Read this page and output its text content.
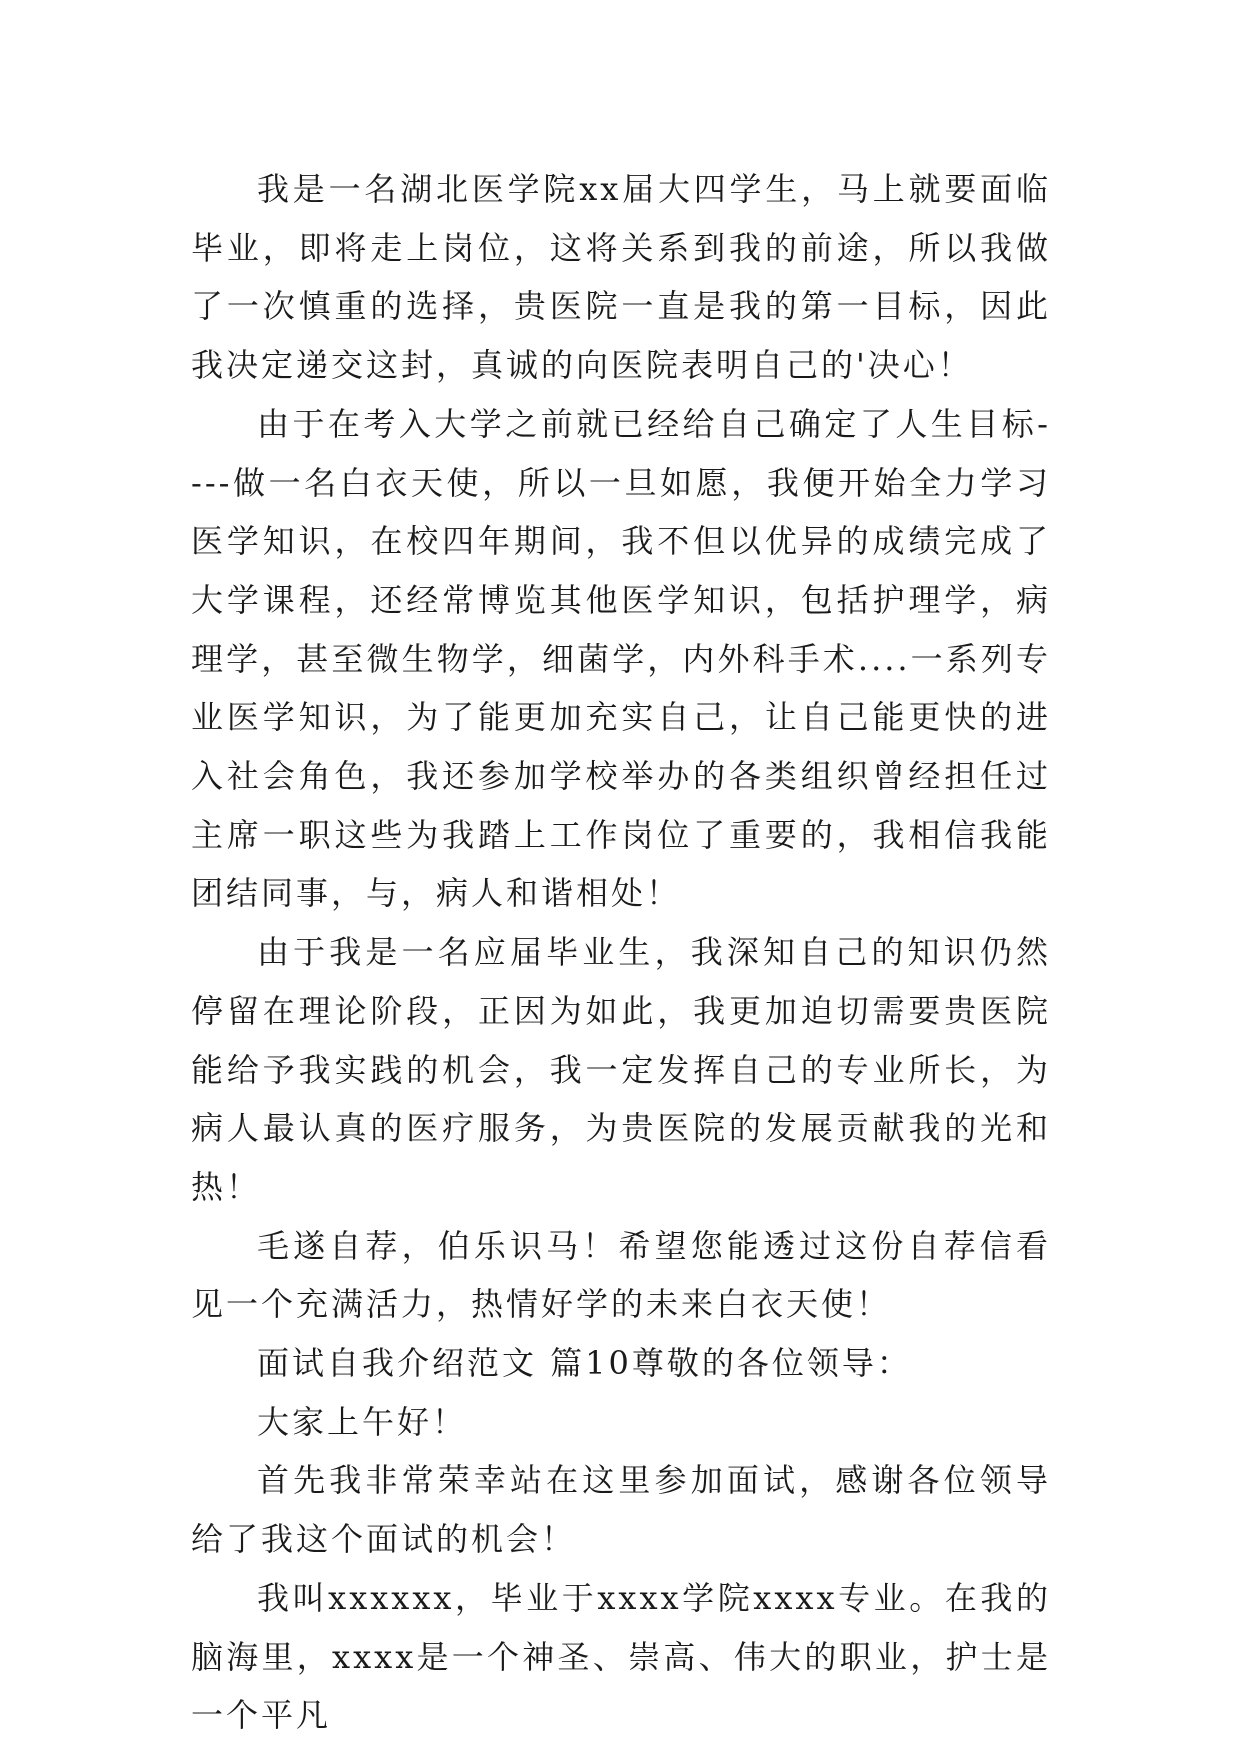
我是一名湖北医学院xx届大四学生，马上就要面临毕业，即将走上岗位，这将关系到我的前途，所以我做了一次慎重的选择，贵医院一直是我的第一目标，因此我决定递交这封，真诚的向医院表明自己的'决心！

由于在考入大学之前就已经给自己确定了人生目标----做一名白衣天使，所以一旦如愿，我便开始全力学习医学知识，在校四年期间，我不但以优异的成绩完成了大学课程，还经常博览其他医学知识，包括护理学，病理学，甚至微生物学，细菌学，内外科手术....一系列专业医学知识，为了能更加充实自己，让自己能更快的进入社会角色，我还参加学校举办的各类组织曾经担任过主席一职这些为我踏上工作岗位了重要的，我相信我能团结同事，与，病人和谐相处！

由于我是一名应届毕业生，我深知自己的知识仍然停留在理论阶段，正因为如此，我更加迫切需要贵医院能给予我实践的机会，我一定发挥自己的专业所长，为病人最认真的医疗服务，为贵医院的发展贡献我的光和热！

毛遂自荐，伯乐识马！希望您能透过这份自荐信看见一个充满活力，热情好学的未来白衣天使！

面试自我介绍范文 篇10尊敬的各位领导：

大家上午好！

首先我非常荣幸站在这里参加面试，感谢各位领导给了我这个面试的机会！

我叫xxxxxx，毕业于xxxx学院xxxx专业。在我的脑海里，xxxx是一个神圣、崇高、伟大的职业，护士是一个平凡
